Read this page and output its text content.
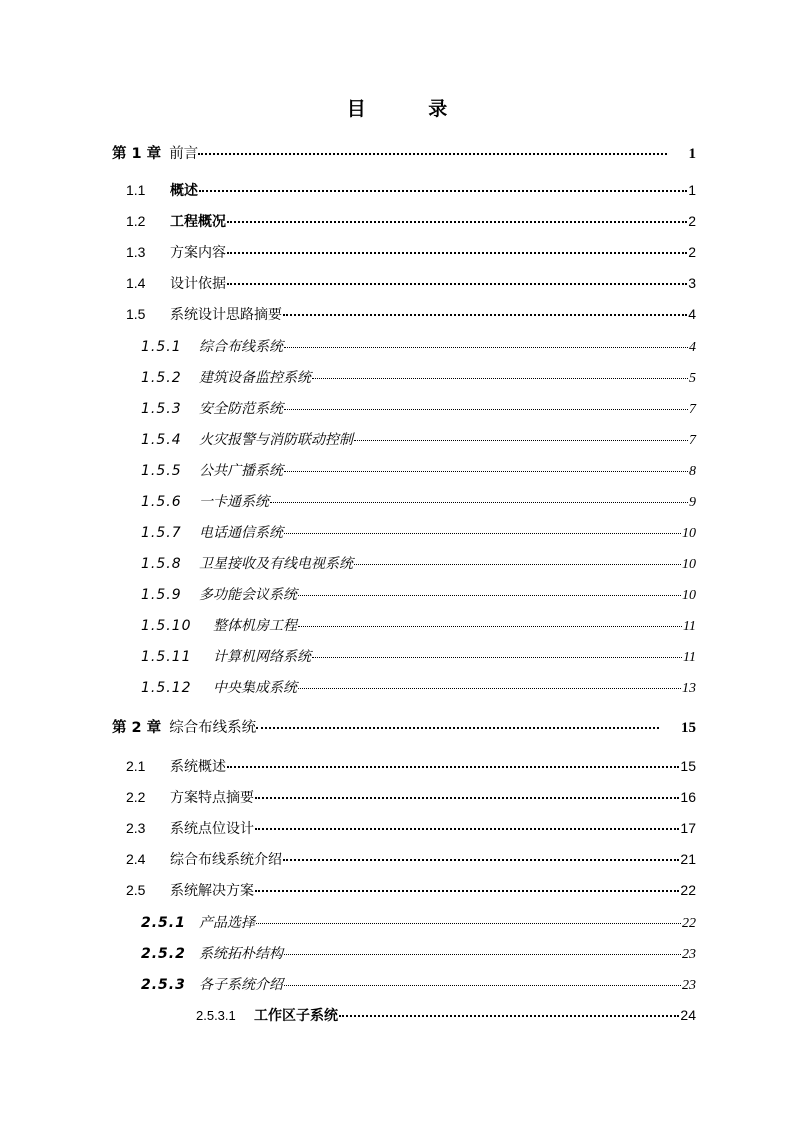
目 录
第 1 章 前言	1
1.1	概述	1
1.2	工程概况	2
1.3	方案内容	2
1.4	设计依据	3
1.5	系统设计思路摘要	4
1.5.1	综合布线系统	4
1.5.2	建筑设备监控系统	5
1.5.3	安全防范系统	7
1.5.4	火灾报警与消防联动控制	7
1.5.5	公共广播系统	8
1.5.6	一卡通系统	9
1.5.7	电话通信系统	10
1.5.8	卫星接收及有线电视系统	10
1.5.9	多功能会议系统	10
1.5.10	整体机房工程	11
1.5.11	计算机网络系统	11
1.5.12	中央集成系统	13
第 2 章 综合布线系统	15
2.1	系统概述	15
2.2	方案特点摘要	16
2.3	系统点位设计	17
2.4	综合布线系统介绍	21
2.5	系统解决方案	22
2.5.1 产品选择	22
2.5.2 系统拓朴结构	23
2.5.3 各子系统介绍	23
2.5.3.1	工作区子系统	24
